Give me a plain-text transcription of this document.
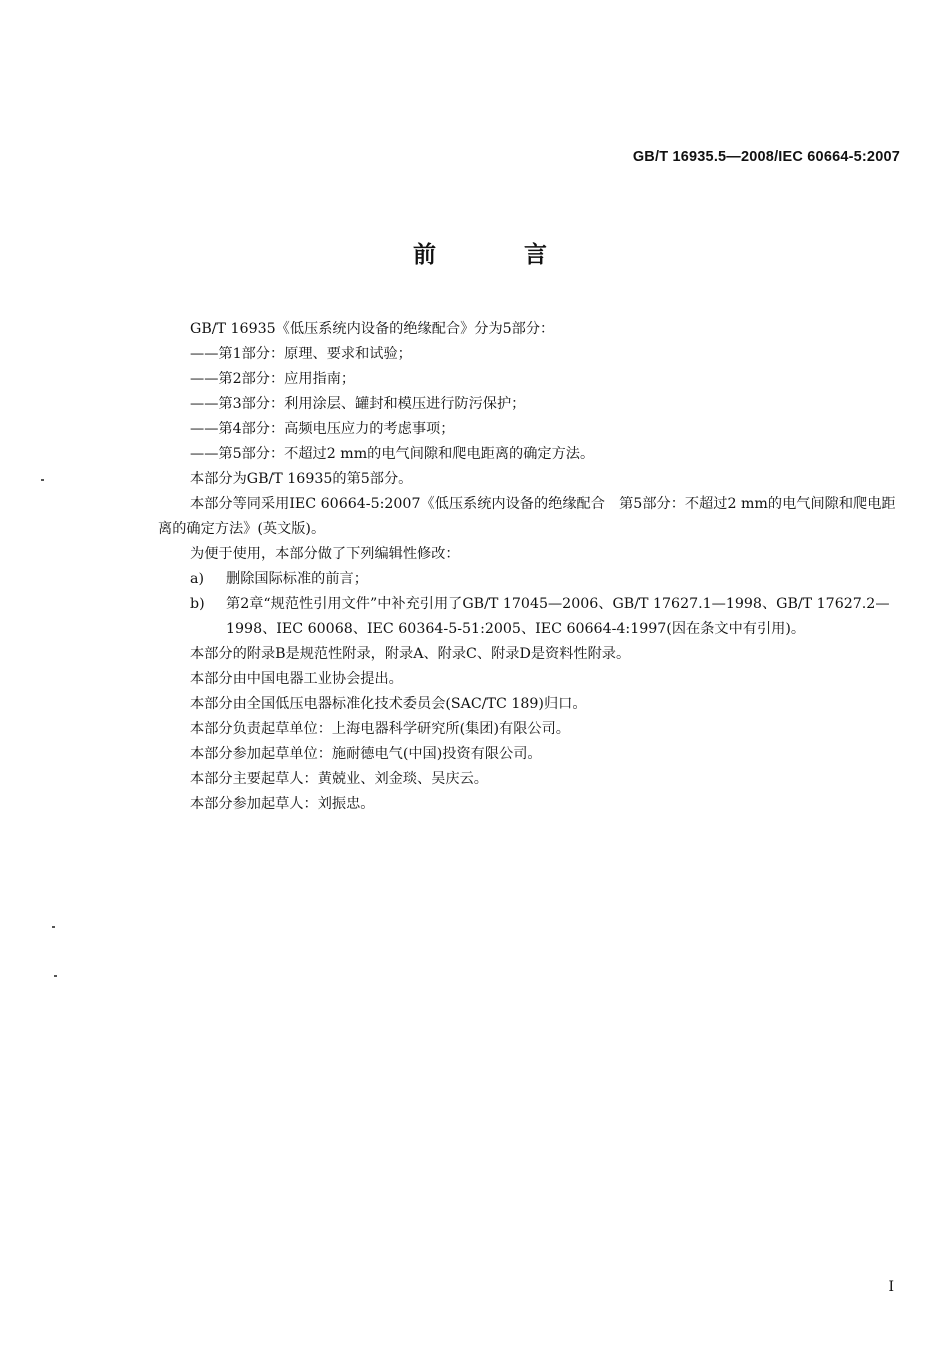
GB/T 16935.5—2008/IEC 60664-5:2007
前 言

GB/T 16935《低压系统内设备的绝缘配合》分为5部分：

——第1部分：原理、要求和试验；

——第2部分：应用指南；

——第3部分：利用涂层、罐封和模压进行防污保护；

——第4部分：高频电压应力的考虑事项；

——第5部分：不超过2 mm的电气间隙和爬电距离的确定方法。

本部分为GB/T 16935的第5部分。

本部分等同采用IEC 60664-5:2007《低压系统内设备的绝缘配合　第5部分：不超过2 mm的电气间隙和爬电距离的确定方法》(英文版)。

为便于使用，本部分做了下列编辑性修改：

a) 删除国际标准的前言；
b) 第2章“规范性引用文件”中补充引用了GB/T 17045—2006、GB/T 17627.1—1998、GB/T 17627.2—1998、IEC 60068、IEC 60364-5-51:2005、IEC 60664-4:1997(因在条文中有引用)。

本部分的附录B是规范性附录，附录A、附录C、附录D是资料性附录。

本部分由中国电器工业协会提出。

本部分由全国低压电器标准化技术委员会(SAC/TC 189)归口。

本部分负责起草单位：上海电器科学研究所(集团)有限公司。

本部分参加起草单位：施耐德电气(中国)投资有限公司。

本部分主要起草人：黄兢业、刘金琰、吴庆云。

本部分参加起草人：刘振忠。

I
